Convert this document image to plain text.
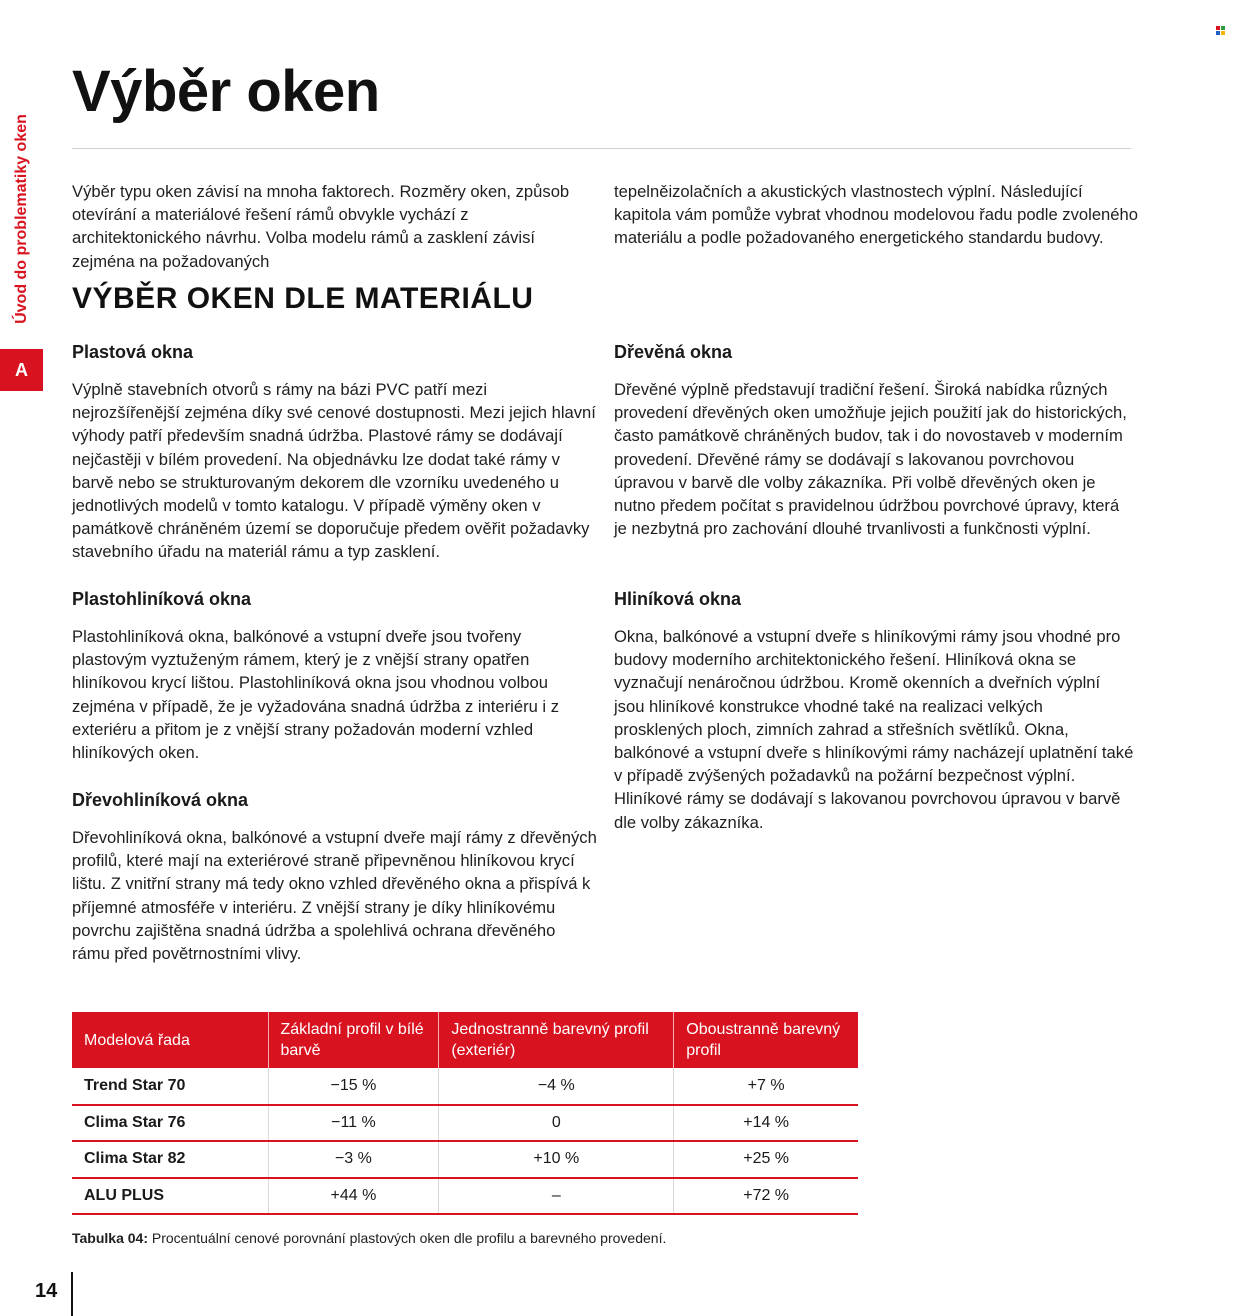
Úvod do problematiky oken
A
Výběr oken

Výběr typu oken závisí na mnoha faktorech. Rozměry oken, způsob otevírání a materiálové řešení rámů obvykle vychází z architektonického návrhu. Volba modelu rámů a zasklení závisí zejména na požadovaných

tepelněizolačních a akustických vlastnostech výplní. Následující kapitola vám pomůže vybrat vhodnou modelovou řadu podle zvoleného materiálu a podle požadovaného energetického standardu budovy.

VÝBĚR OKEN DLE MATERIÁLU
Plastová okna

Výplně stavebních otvorů s rámy na bázi PVC patří mezi nejrozšířenější zejména díky své cenové dostupnosti. Mezi jejich hlavní výhody patří především snadná údržba. Plastové rámy se dodávají nejčastěji v bílém provedení. Na objednávku lze dodat také rámy v barvě nebo se strukturovaným dekorem dle vzorníku uvedeného u jednotlivých modelů v tomto katalogu. V případě výměny oken v památkově chráněném území se doporučuje předem ověřit požadavky stavebního úřadu na materiál rámu a typ zasklení.

Dřevěná okna

Dřevěné výplně představují tradiční řešení. Široká nabídka různých provedení dřevěných oken umožňuje jejich použití jak do historických, často památkově chráněných budov, tak i do novostaveb v moderním provedení. Dřevěné rámy se dodávají s lakovanou povrchovou úpravou v barvě dle volby zákazníka. Při volbě dřevěných oken je nutno předem počítat s pravidelnou údržbou povrchové úpravy, která je nezbytná pro zachování dlouhé trvanlivosti a funkčnosti výplní.

Plastohliníková okna

Plastohliníková okna, balkónové a vstupní dveře jsou tvořeny plastovým vyztuženým rámem, který je z vnější strany opatřen hliníkovou krycí lištou. Plastohliníková okna jsou vhodnou volbou zejména v případě, že je vyžadována snadná údržba z interiéru i z exteriéru a přitom je z vnější strany požadován moderní vzhled hliníkových oken.

Hliníková okna

Okna, balkónové a vstupní dveře s hliníkovými rámy jsou vhodné pro budovy moderního architektonického řešení. Hliníková okna se vyznačují nenáročnou údržbou. Kromě okenních a dveřních výplní jsou hliníkové konstrukce vhodné také na realizaci velkých prosklených ploch, zimních zahrad a střešních světlíků. Okna, balkónové a vstupní dveře s hliníkovými rámy nacházejí uplatnění také v případě zvýšených požadavků na požární bezpečnost výplní. Hliníkové rámy se dodávají s lakovanou povrchovou úpravou v barvě dle volby zákazníka.

Dřevohliníková okna

Dřevohliníková okna, balkónové a vstupní dveře mají rámy z dřevěných profilů, které mají na exteriérové straně připevněnou hliníkovou krycí lištu. Z vnitřní strany má tedy okno vzhled dřevěného okna a přispívá k příjemné atmosféře v interiéru. Z vnější strany je díky hliníkovému povrchu zajištěna snadná údržba a spolehlivá ochrana dřevěného rámu před povětrnostními vlivy.

Modelová řada	Základní profil v bílé barvě	Jednostranně barevný profil (exteriér)	Oboustranně barevný profil
Trend Star 70	−15 %	−4 %	+7 %
Clima Star 76	−11 %	0	+14 %
Clima Star 82	−3 %	+10 %	+25 %
ALU PLUS	+44 %	–	+72 %

Tabulka 04: Procentuální cenové porovnání plastových oken dle profilu a barevného provedení.

14
